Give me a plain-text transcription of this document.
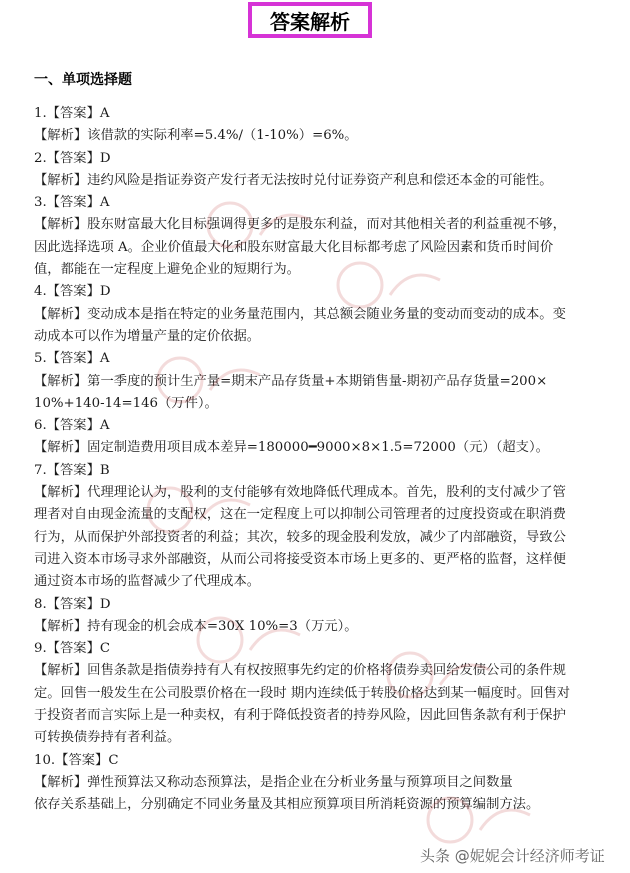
答案解析
一、单项选择题
1.【答案】A
【解析】该借款的实际利率=5.4%/（1-10%）=6%。
2.【答案】D
【解析】违约风险是指证券资产发行者无法按时兑付证券资产利息和偿还本金的可能性。
3.【答案】A
【解析】股东财富最大化目标强调得更多的是股东利益，而对其他相关者的利益重视不够，
因此选择选项 A。企业价值最大化和股东财富最大化目标都考虑了风险因素和货币时间价
值，都能在一定程度上避免企业的短期行为。
4.【答案】D
【解析】变动成本是指在特定的业务量范围内，其总额会随业务量的变动而变动的成本。变
动成本可以作为增量产量的定价依据。
5.【答案】A
【解析】第一季度的预计生产量=期末产品存货量+本期销售量-期初产品存货量=200×
10%+140-14=146（万件）。
6.【答案】A
【解析】固定制造费用项目成本差异=180000━9000×8×1.5=72000（元）（超支）。
7.【答案】B
【解析】代理理论认为，股利的支付能够有效地降低代理成本。首先，股利的支付减少了管
理者对自由现金流量的支配权，这在一定程度上可以抑制公司管理者的过度投资或在职消费
行为，从而保护外部投资者的利益；其次，较多的现金股利发放，减少了内部融资，导致公
司进入资本市场寻求外部融资，从而公司将接受资本市场上更多的、更严格的监督，这样便
通过资本市场的监督减少了代理成本。
8.【答案】D
【解析】持有现金的机会成本=30X 10%=3（万元）。
9.【答案】C
【解析】回售条款是指债券持有人有权按照事先约定的价格将债券卖回给发债公司的条件规
定。回售一般发生在公司股票价格在一段时 期内连续低于转股价格达到某一幅度时。回售对
于投资者而言实际上是一种卖权，有利于降低投资者的持券风险，因此回售条款有利于保护
可转换债券持有者利益。
10.【答案】C
【解析】弹性预算法又称动态预算法，是指企业在分析业务量与预算项目之间数量
依存关系基础上，分别确定不同业务量及其相应预算项目所消耗资源的预算编制方法。
头条 @妮妮会计经济师考证
